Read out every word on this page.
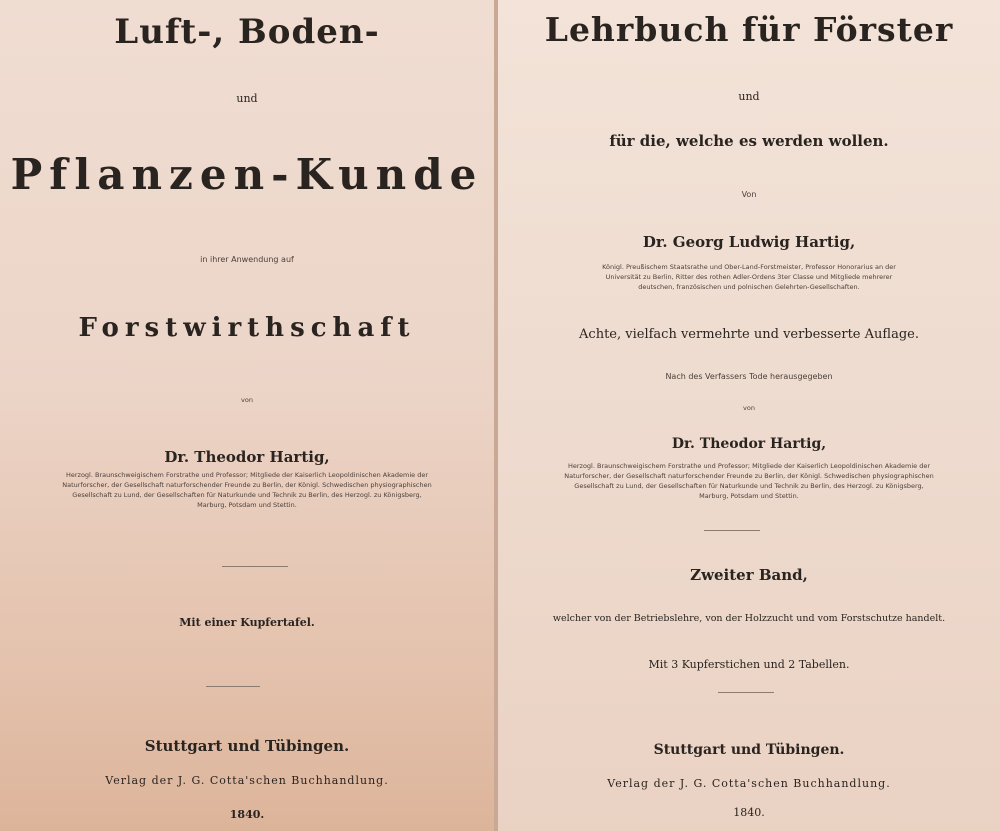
Luft-, Boden-
und
Pflanzen-Kunde
in ihrer Anwendung auf
Forstwirthschaft
von
Dr. Theodor Hartig,
Herzogl. Braunschweigischem Forstrathe und Professor; Mitgliede der Kaiserlich Leopoldinischen Akademie der
Naturforscher, der Gesellschaft naturforschender Freunde zu Berlin, der Königl. Schwedischen physiographischen
Gesellschaft zu Lund, der Gesellschaften für Naturkunde und Technik zu Berlin, des Herzogl. zu Königsberg,
Marburg, Potsdam und Stettin.
Mit einer Kupfertafel.
Stuttgart und Tübingen.
Verlag der J. G. Cotta'schen Buchhandlung.
1840.
Lehrbuch für Förster
und
für die, welche es werden wollen.
Von
Dr. Georg Ludwig Hartig,
Königl. Preußischem Staatsrathe und Ober-Land-Forstmeister, Professor Honorarius an der
Universität zu Berlin, Ritter des rothen Adler-Ordens 3ter Classe und Mitgliede mehrerer
deutschen, französischen und polnischen Gelehrten-Gesellschaften.
Achte, vielfach vermehrte und verbesserte Auflage.
Nach des Verfassers Tode herausgegeben
von
Dr. Theodor Hartig,
Herzogl. Braunschweigischem Forstrathe und Professor; Mitgliede der Kaiserlich Leopoldinischen Akademie der
Naturforscher, der Gesellschaft naturforschender Freunde zu Berlin, der Königl. Schwedischen physiographischen
Gesellschaft zu Lund, der Gesellschaften für Naturkunde und Technik zu Berlin, des Herzogl. zu Königsberg,
Marburg, Potsdam und Stettin.
Zweiter Band,
welcher von der Betriebslehre, von der Holzzucht und vom Forstschutze handelt.
Mit 3 Kupferstichen und 2 Tabellen.
Stuttgart und Tübingen.
Verlag der J. G. Cotta'schen Buchhandlung.
1840.
